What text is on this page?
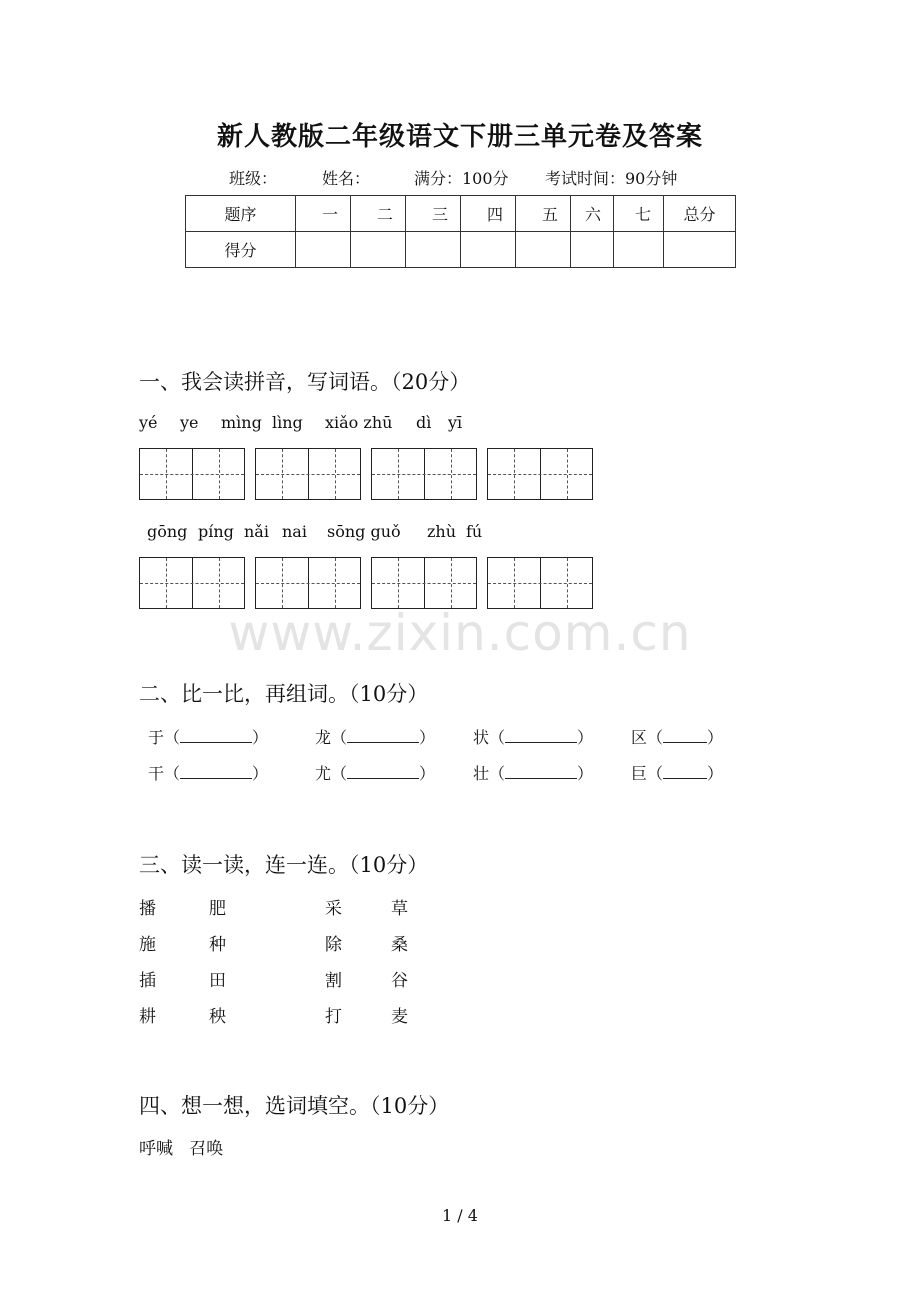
新人教版二年级语文下册三单元卷及答案
班级：	姓名：	满分：100分 考试时间：90分钟
题序	一	二	三	四	五	六	七	总分
得分								
一、我会读拼音，写词语。（20分）
yé ye mìng lìng xiǎo zhū dì yī
gōng píng nǎi nai sōng guǒ zhù fú
www.zixin.com.cn
二、比一比，再组词。（10分）
于（	）	龙（	） 状（	） 区（	）
干（	）	尤（	） 壮（	） 巨（	）
三、读一读，连一连。（10分）
播	肥	采	草
施	种	除	桑
插	田	割	谷
耕	秧	打	麦
四、想一想，选词填空。（10分）
呼喊   召唤
1 / 4
